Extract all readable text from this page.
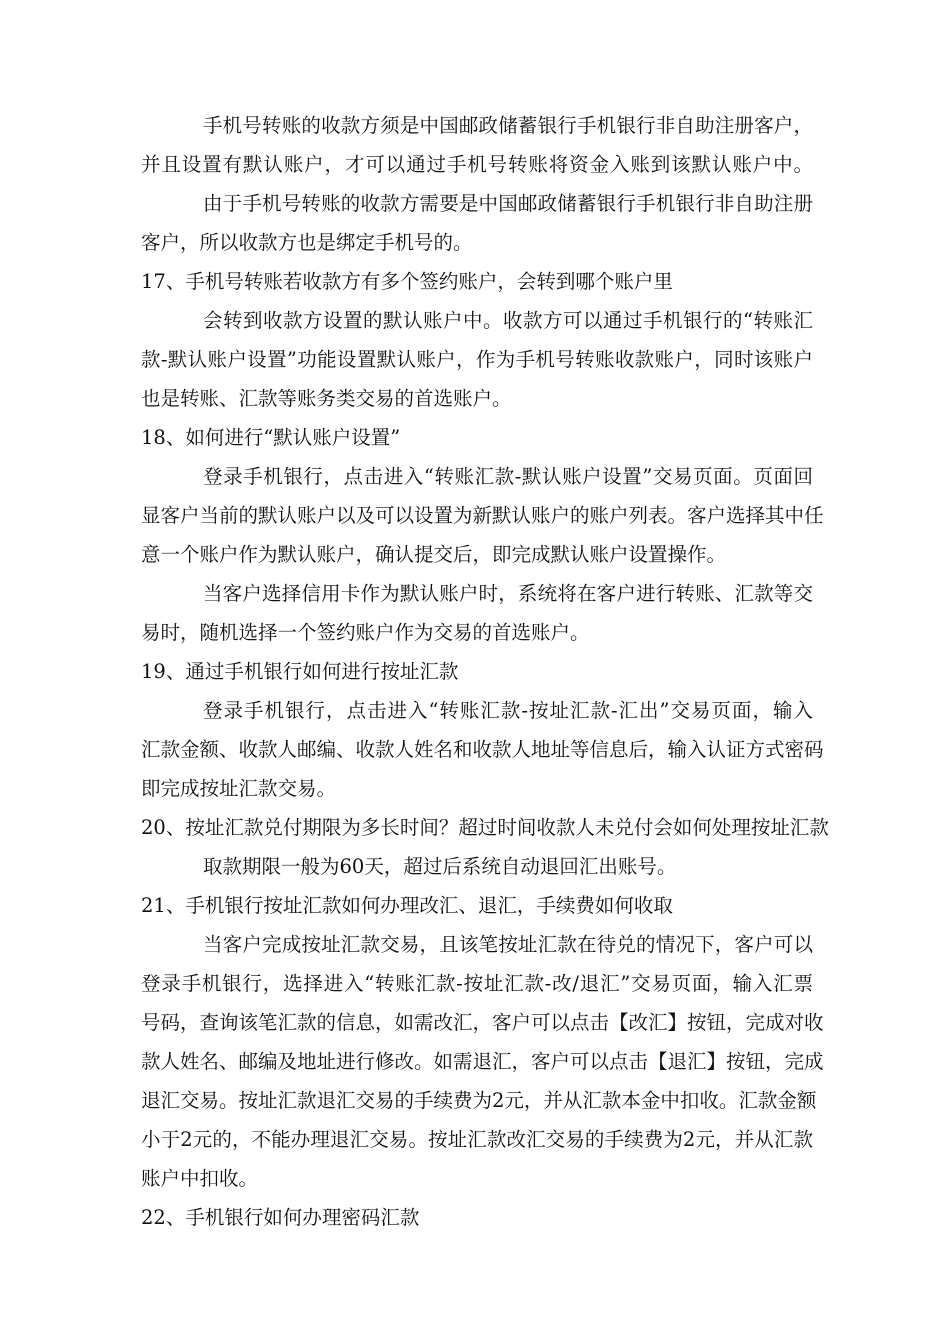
手机号转账的收款方须是中国邮政储蓄银行手机银行非自助注册客户，
并且设置有默认账户，才可以通过手机号转账将资金入账到该默认账户中。
由于手机号转账的收款方需要是中国邮政储蓄银行手机银行非自助注册
客户，所以收款方也是绑定手机号的。
17、手机号转账若收款方有多个签约账户，会转到哪个账户里
会转到收款方设置的默认账户中。收款方可以通过手机银行的“转账汇
款-默认账户设置”功能设置默认账户，作为手机号转账收款账户，同时该账户
也是转账、汇款等账务类交易的首选账户。
18、如何进行“默认账户设置”
登录手机银行，点击进入“转账汇款-默认账户设置”交易页面。页面回
显客户当前的默认账户以及可以设置为新默认账户的账户列表。客户选择其中任
意一个账户作为默认账户，确认提交后，即完成默认账户设置操作。
当客户选择信用卡作为默认账户时，系统将在客户进行转账、汇款等交
易时，随机选择一个签约账户作为交易的首选账户。
19、通过手机银行如何进行按址汇款
登录手机银行，点击进入“转账汇款-按址汇款-汇出”交易页面，输入
汇款金额、收款人邮编、收款人姓名和收款人地址等信息后，输入认证方式密码
即完成按址汇款交易。
20、按址汇款兑付期限为多长时间？超过时间收款人未兑付会如何处理按址汇款
取款期限一般为60天，超过后系统自动退回汇出账号。
21、手机银行按址汇款如何办理改汇、退汇，手续费如何收取
当客户完成按址汇款交易，且该笔按址汇款在待兑的情况下，客户可以
登录手机银行，选择进入“转账汇款-按址汇款-改/退汇”交易页面，输入汇票
号码，查询该笔汇款的信息，如需改汇，客户可以点击【改汇】按钮，完成对收
款人姓名、邮编及地址进行修改。如需退汇，客户可以点击【退汇】按钮，完成
退汇交易。按址汇款退汇交易的手续费为2元，并从汇款本金中扣收。汇款金额
小于2元的，不能办理退汇交易。按址汇款改汇交易的手续费为2元，并从汇款
账户中扣收。
22、手机银行如何办理密码汇款
